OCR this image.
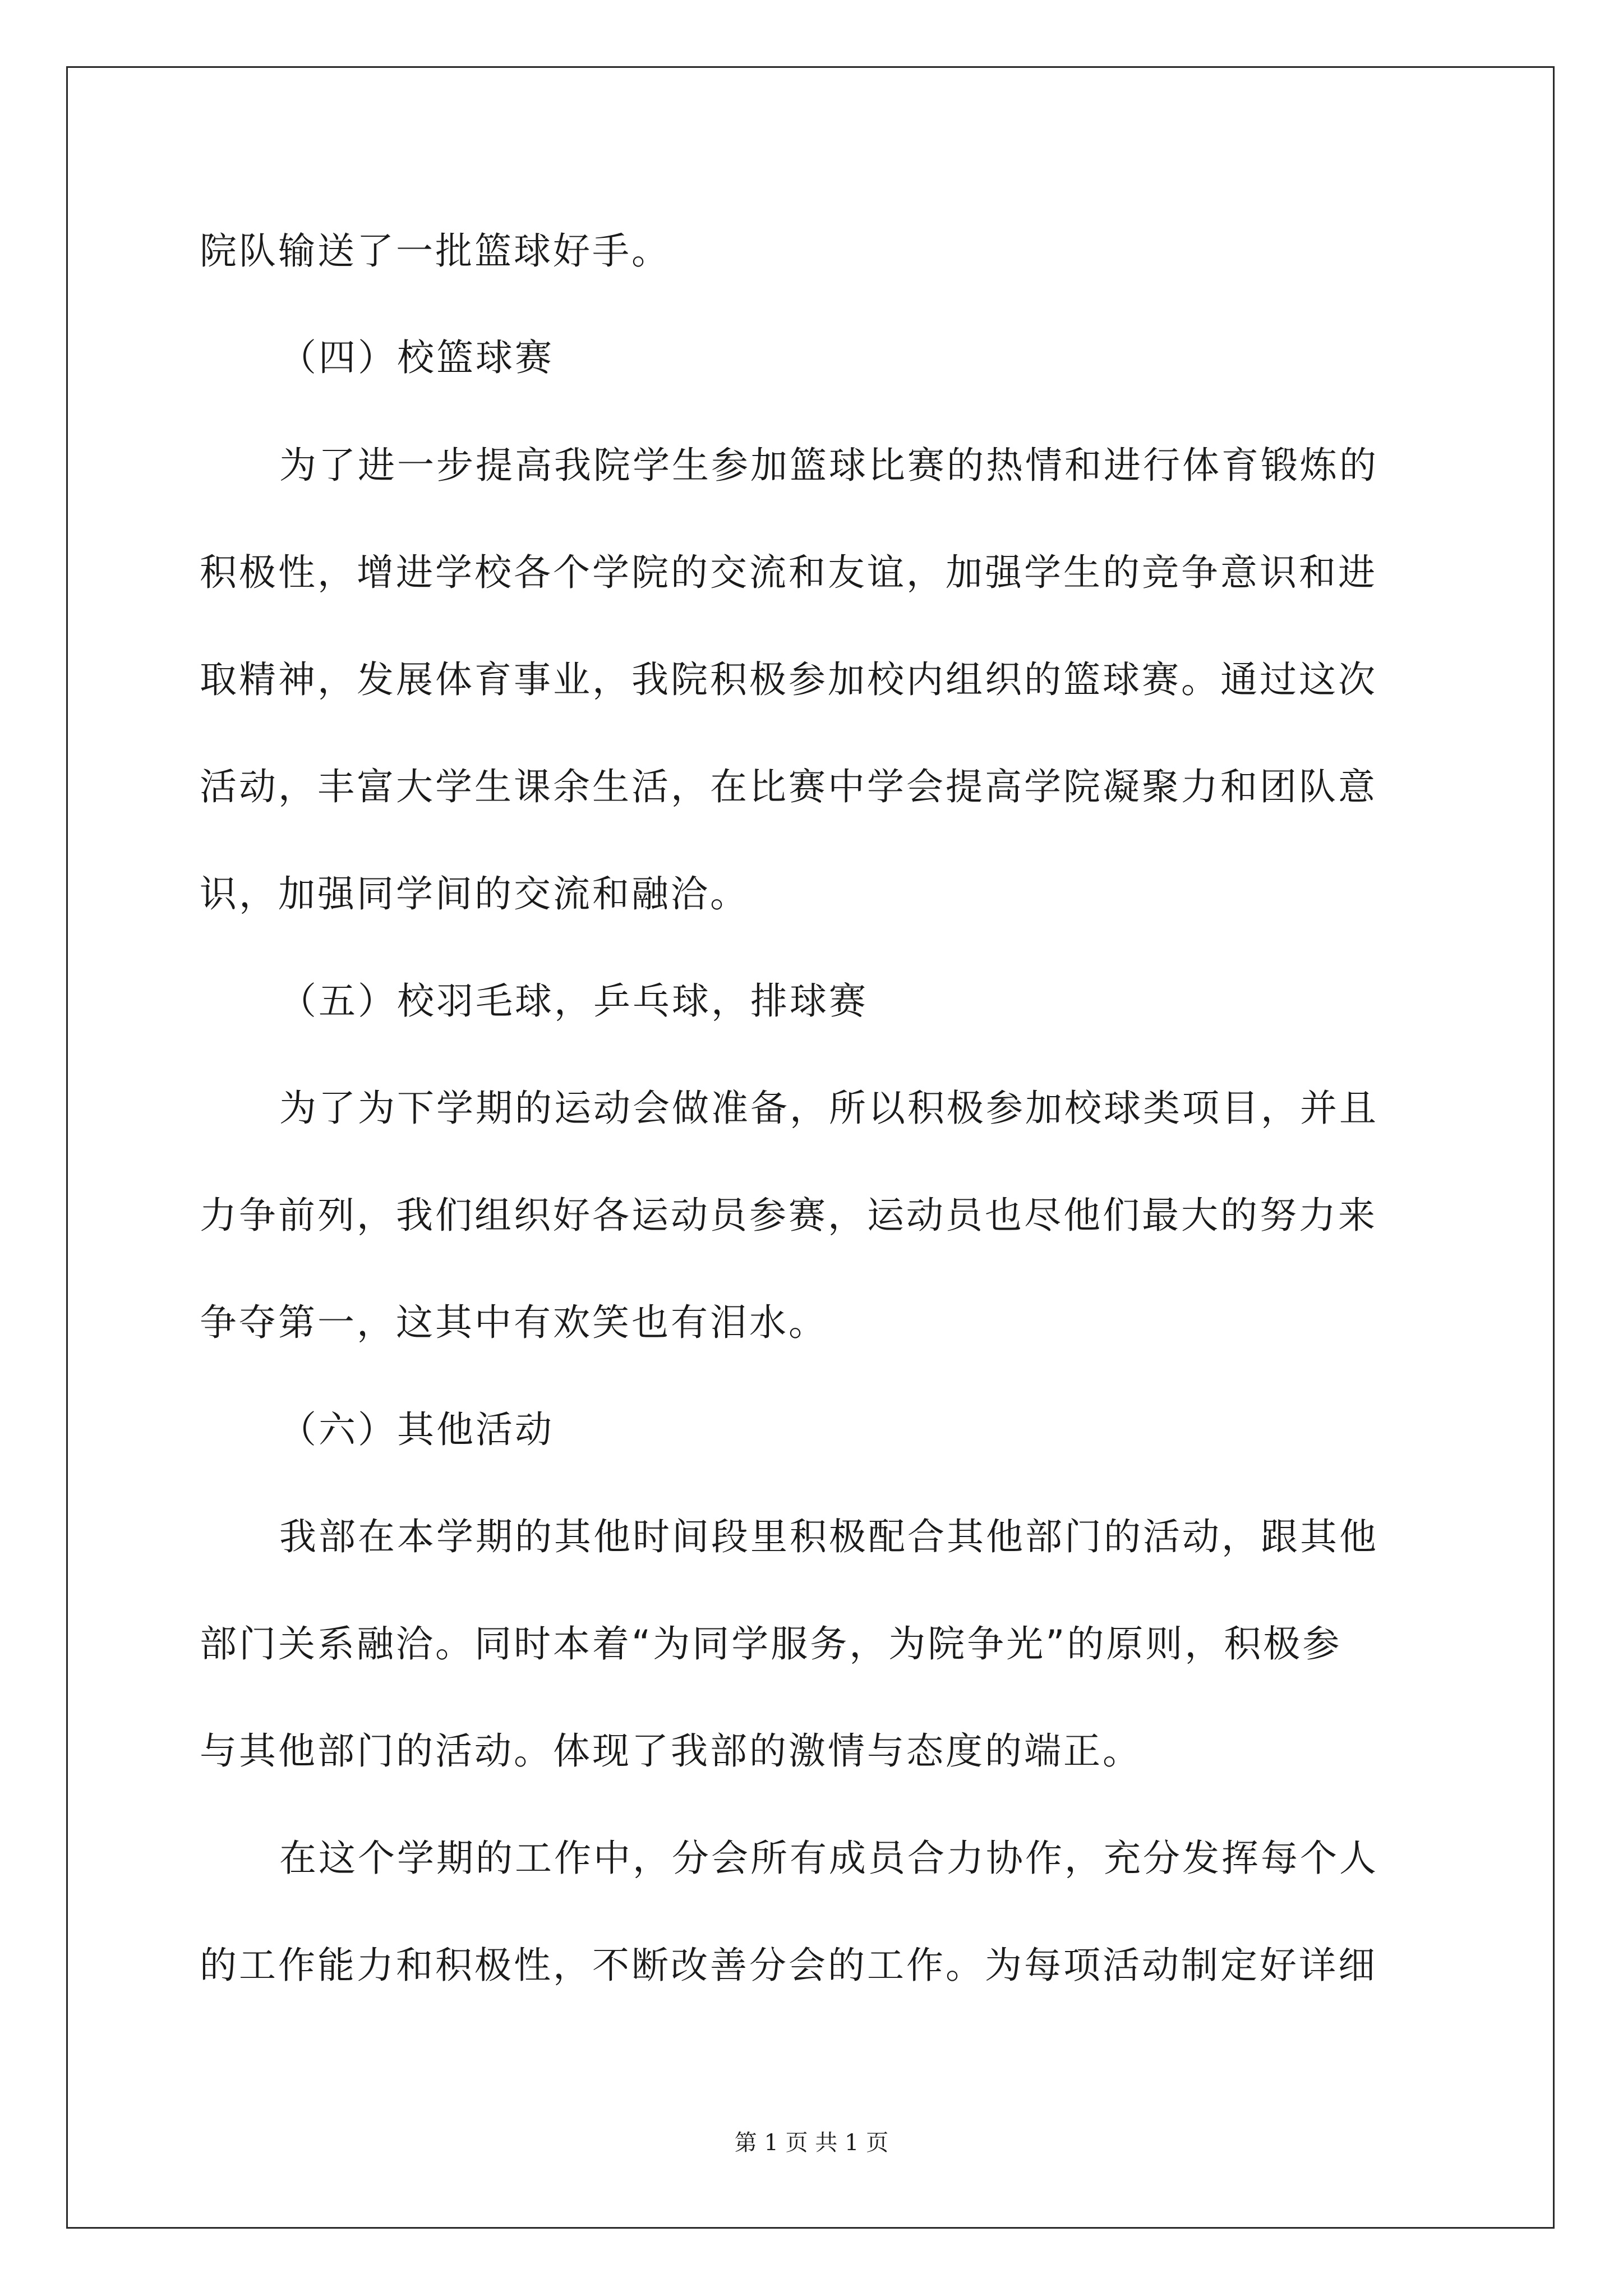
院队输送了一批篮球好手。

（四）校篮球赛

为了进一步提高我院学生参加篮球比赛的热情和进行体育锻炼的

积极性，增进学校各个学院的交流和友谊，加强学生的竞争意识和进

取精神，发展体育事业，我院积极参加校内组织的篮球赛。通过这次

活动，丰富大学生课余生活，在比赛中学会提高学院凝聚力和团队意

识，加强同学间的交流和融洽。

（五）校羽毛球，乒乓球，排球赛

为了为下学期的运动会做准备，所以积极参加校球类项目，并且

力争前列，我们组织好各运动员参赛，运动员也尽他们最大的努力来

争夺第一，这其中有欢笑也有泪水。

（六）其他活动

我部在本学期的其他时间段里积极配合其他部门的活动，跟其他

部门关系融洽。同时本着“为同学服务，为院争光”的原则，积极参

与其他部门的活动。体现了我部的激情与态度的端正。

在这个学期的工作中，分会所有成员合力协作，充分发挥每个人

的工作能力和积极性，不断改善分会的工作。为每项活动制定好详细

第 1 页 共 1 页
